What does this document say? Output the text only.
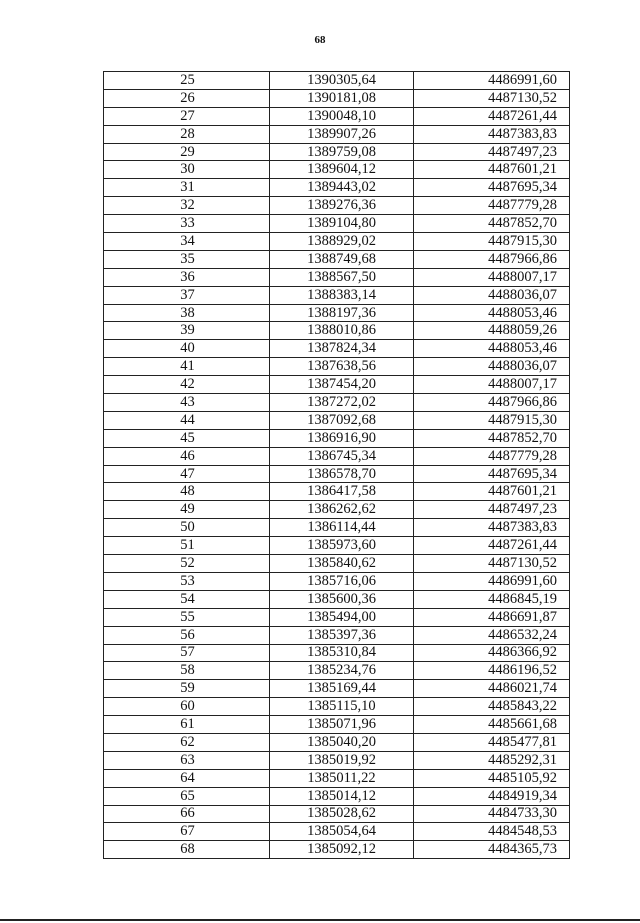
68
25	1390305,64	4486991,60
26	1390181,08	4487130,52
27	1390048,10	4487261,44
28	1389907,26	4487383,83
29	1389759,08	4487497,23
30	1389604,12	4487601,21
31	1389443,02	4487695,34
32	1389276,36	4487779,28
33	1389104,80	4487852,70
34	1388929,02	4487915,30
35	1388749,68	4487966,86
36	1388567,50	4488007,17
37	1388383,14	4488036,07
38	1388197,36	4488053,46
39	1388010,86	4488059,26
40	1387824,34	4488053,46
41	1387638,56	4488036,07
42	1387454,20	4488007,17
43	1387272,02	4487966,86
44	1387092,68	4487915,30
45	1386916,90	4487852,70
46	1386745,34	4487779,28
47	1386578,70	4487695,34
48	1386417,58	4487601,21
49	1386262,62	4487497,23
50	1386114,44	4487383,83
51	1385973,60	4487261,44
52	1385840,62	4487130,52
53	1385716,06	4486991,60
54	1385600,36	4486845,19
55	1385494,00	4486691,87
56	1385397,36	4486532,24
57	1385310,84	4486366,92
58	1385234,76	4486196,52
59	1385169,44	4486021,74
60	1385115,10	4485843,22
61	1385071,96	4485661,68
62	1385040,20	4485477,81
63	1385019,92	4485292,31
64	1385011,22	4485105,92
65	1385014,12	4484919,34
66	1385028,62	4484733,30
67	1385054,64	4484548,53
68	1385092,12	4484365,73
